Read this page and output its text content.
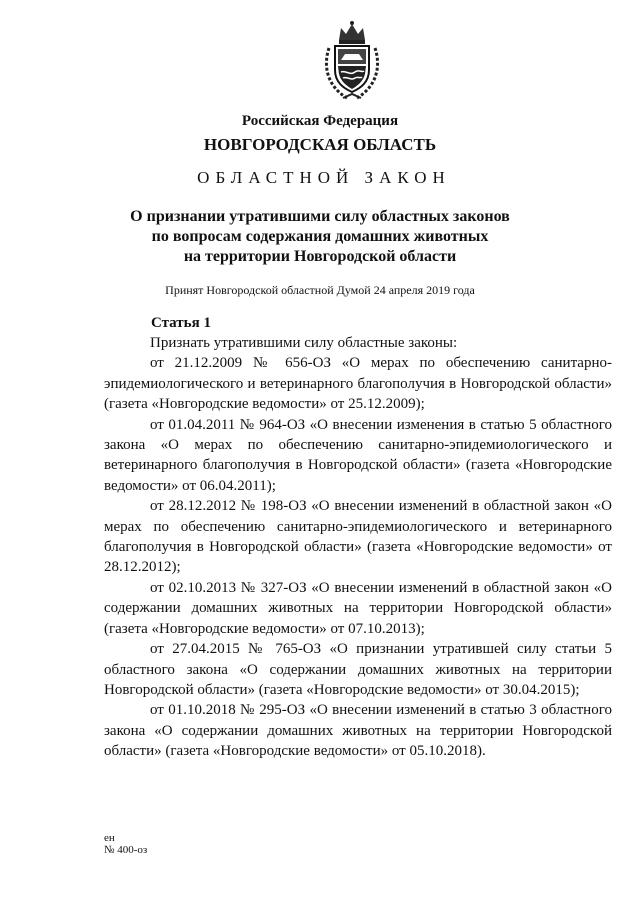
Российская Федерация
НОВГОРОДСКАЯ ОБЛАСТЬ
ОБЛАСТНОЙ ЗАКОН
О признании утратившими силу областных законов
по вопросам содержания домашних животных
на территории Новгородской области
Принят Новгородской областной Думой 24 апреля 2019 года
Статья 1

Признать утратившими силу областные законы:

от 21.12.2009 № 656-ОЗ «О мерах по обеспечению санитарно-эпидемиологического и ветеринарного благополучия в Новгородской области» (газета «Новгородские ведомости» от 25.12.2009);

от 01.04.2011 № 964-ОЗ «О внесении изменения в статью 5 областного закона «О мерах по обеспечению санитарно-эпидемиологического и ветеринарного благополучия в Новгородской области» (газета «Новгородские ведомости» от 06.04.2011);

от 28.12.2012 № 198-ОЗ «О внесении изменений в областной закон «О мерах по обеспечению санитарно-эпидемиологического и ветеринарного благополучия в Новгородской области» (газета «Новгородские ведомости» от 28.12.2012);

от 02.10.2013 № 327-ОЗ «О внесении изменений в областной закон «О содержании домашних животных на территории Новгородской области» (газета «Новгородские ведомости» от 07.10.2013);

от 27.04.2015 № 765-ОЗ «О признании утратившей силу статьи 5 областного закона «О содержании домашних животных на территории Новгородской области» (газета «Новгородские ведомости» от 30.04.2015);

от 01.10.2018 № 295-ОЗ «О внесении изменений в статью 3 областного закона «О содержании домашних животных на территории Новгородской области» (газета «Новгородские ведомости» от 05.10.2018).

ен
№ 400-оз
